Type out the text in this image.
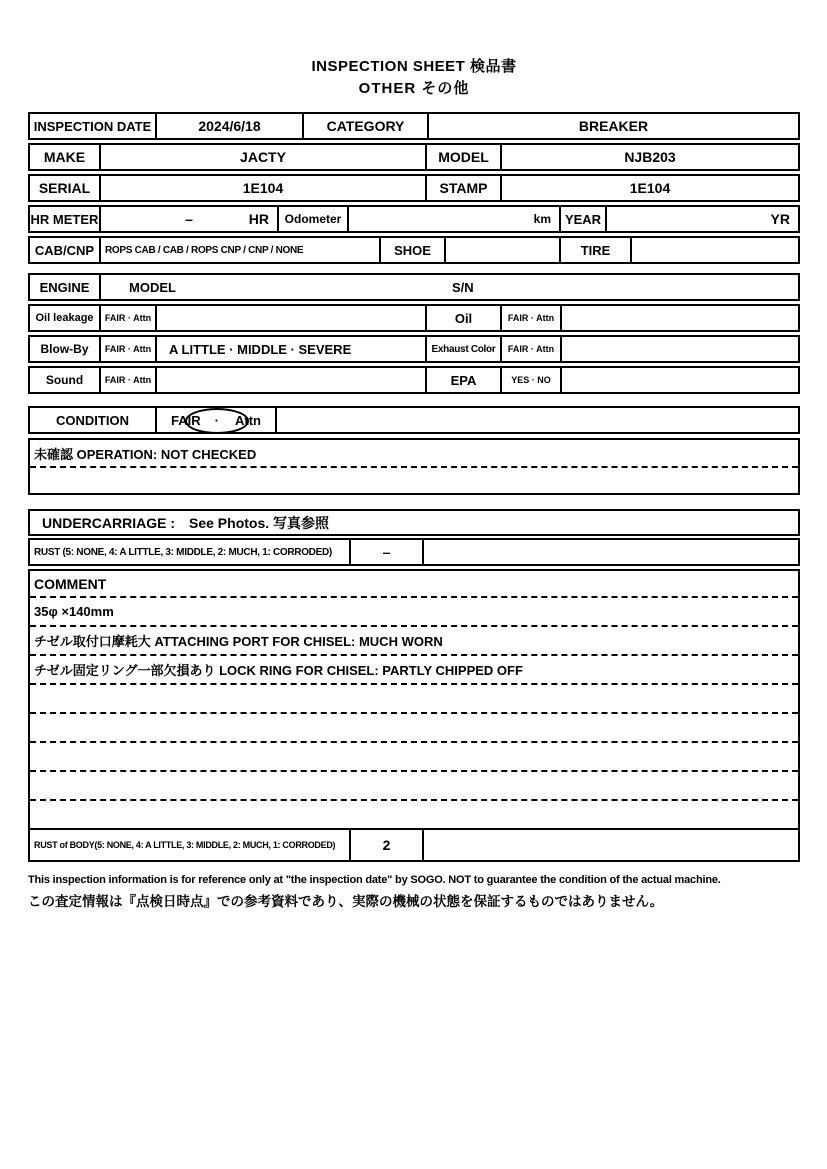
INSPECTION SHEET 検品書
OTHER その他
INSPECTION DATE	2024/6/18	CATEGORY	BREAKER
MAKE	JACTY	MODEL	NJB203
SERIAL	1E104	STAMP	1E104
HR METER	–	HR	Odometer	km	YEAR	YR
CAB/CNP	ROPS CAB / CAB / ROPS CNP / CNP / NONE	SHOE	TIRE
ENGINE	MODEL	S/N
Oil leakage	FAIR · Attn	Oil	FAIR · Attn
Blow-By	FAIR · Attn	A LITTLE · MIDDLE · SEVERE	Exhaust Color	FAIR · Attn
Sound	FAIR · Attn	EPA	YES · NO
CONDITION	FAIR · Attn
未確認 OPERATION: NOT CHECKED
UNDERCARRIAGE : See Photos. 写真参照
RUST (5: NONE, 4: A LITTLE, 3: MIDDLE, 2: MUCH, 1: CORRODED)	–
COMMENT
35φ ×140mm
チゼル取付口摩耗大 ATTACHING PORT FOR CHISEL: MUCH WORN
チゼル固定リング一部欠損あり LOCK RING FOR CHISEL: PARTLY CHIPPED OFF
RUST of BODY(5: NONE, 4: A LITTLE, 3: MIDDLE, 2: MUCH, 1: CORRODED)	2
This inspection information is for reference only at "the inspection date" by SOGO. NOT to guarantee the condition of the actual machine.
この査定情報は『点検日時点』での参考資料であり、実際の機械の状態を保証するものではありません。
